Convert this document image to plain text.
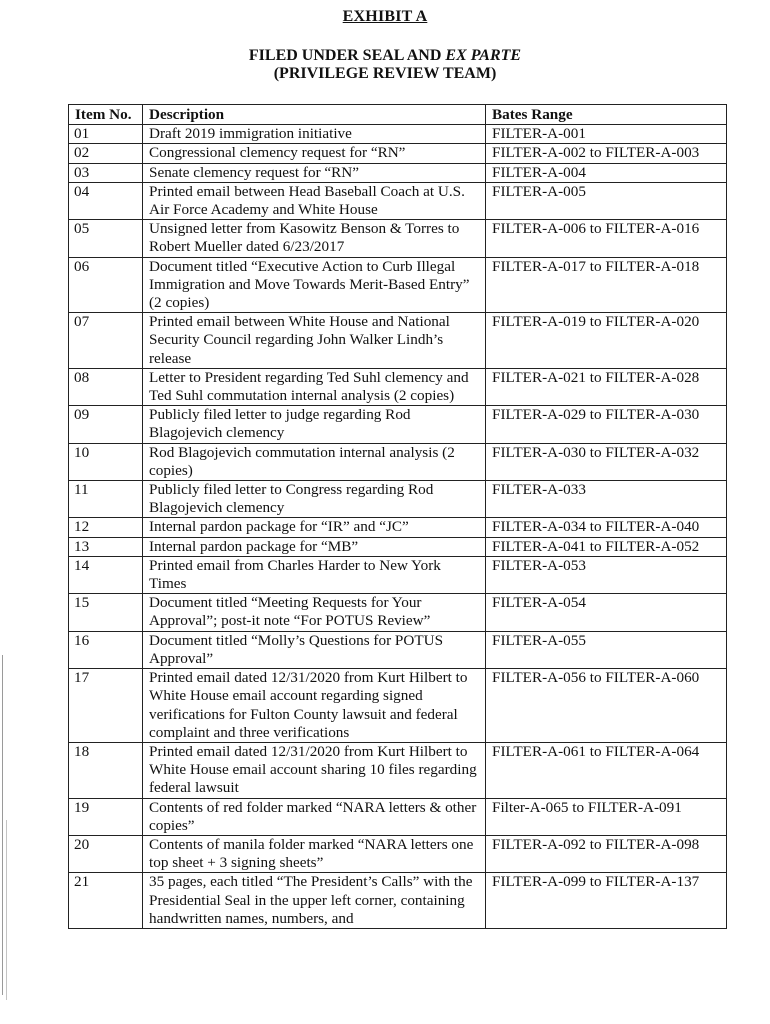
EXHIBIT A
FILED UNDER SEAL AND EX PARTE
(PRIVILEGE REVIEW TEAM)
Item No.	Description	Bates Range
01	Draft 2019 immigration initiative	FILTER-A-001
02	Congressional clemency request for “RN”	FILTER-A-002 to FILTER-A-003
03	Senate clemency request for “RN”	FILTER-A-004
04	Printed email between Head Baseball Coach at U.S. Air Force Academy and White House	FILTER-A-005
05	Unsigned letter from Kasowitz Benson & Torres to Robert Mueller dated 6/23/2017	FILTER-A-006 to FILTER-A-016
06	Document titled “Executive Action to Curb Illegal Immigration and Move Towards Merit-Based Entry” (2 copies)	FILTER-A-017 to FILTER-A-018
07	Printed email between White House and National Security Council regarding John Walker Lindh’s release	FILTER-A-019 to FILTER-A-020
08	Letter to President regarding Ted Suhl clemency and Ted Suhl commutation internal analysis (2 copies)	FILTER-A-021 to FILTER-A-028
09	Publicly filed letter to judge regarding Rod Blagojevich clemency	FILTER-A-029 to FILTER-A-030
10	Rod Blagojevich commutation internal analysis (2 copies)	FILTER-A-030 to FILTER-A-032
11	Publicly filed letter to Congress regarding Rod Blagojevich clemency	FILTER-A-033
12	Internal pardon package for “IR” and “JC”	FILTER-A-034 to FILTER-A-040
13	Internal pardon package for “MB”	FILTER-A-041 to FILTER-A-052
14	Printed email from Charles Harder to New York Times	FILTER-A-053
15	Document titled “Meeting Requests for Your Approval”; post-it note “For POTUS Review”	FILTER-A-054
16	Document titled “Molly’s Questions for POTUS Approval”	FILTER-A-055
17	Printed email dated 12/31/2020 from Kurt Hilbert to White House email account regarding signed verifications for Fulton County lawsuit and federal complaint and three verifications	FILTER-A-056 to FILTER-A-060
18	Printed email dated 12/31/2020 from Kurt Hilbert to White House email account sharing 10 files regarding federal lawsuit	FILTER-A-061 to FILTER-A-064
19	Contents of red folder marked “NARA letters & other copies”	Filter-A-065 to FILTER-A-091
20	Contents of manila folder marked “NARA letters one top sheet + 3 signing sheets”	FILTER-A-092 to FILTER-A-098
21	35 pages, each titled “The President’s Calls” with the Presidential Seal in the upper left corner, containing handwritten names, numbers, and	FILTER-A-099 to FILTER-A-137
